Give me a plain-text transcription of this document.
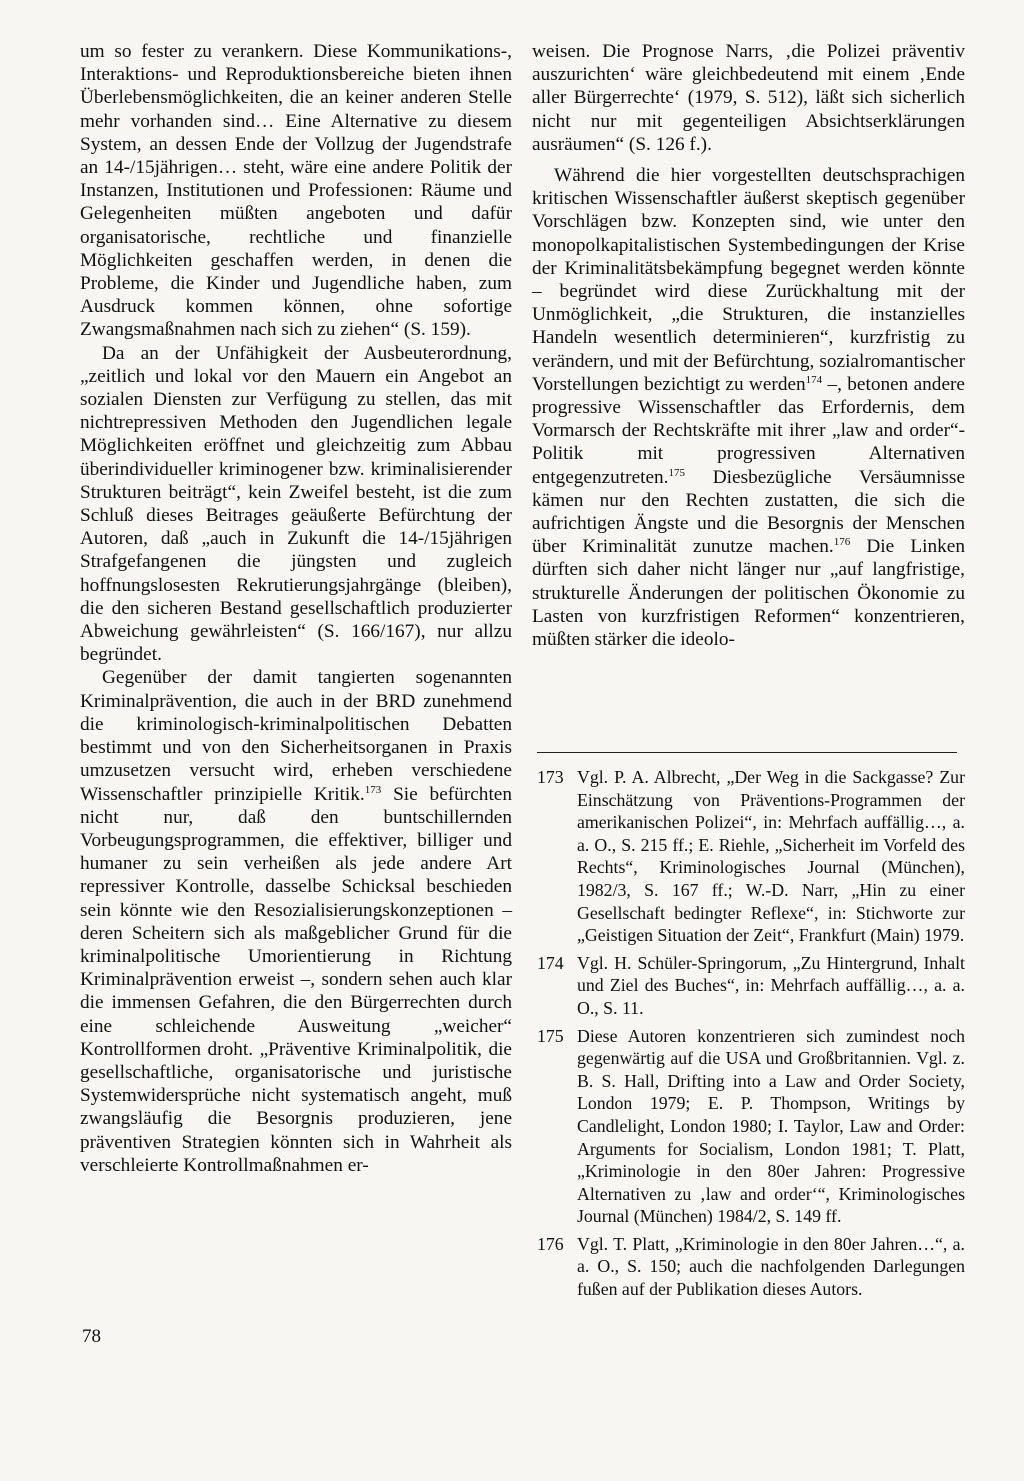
um so fester zu verankern. Diese Kommunikations-, Interaktions- und Reproduktionsbereiche bieten ihnen Überlebensmöglichkeiten, die an keiner anderen Stelle mehr vorhanden sind… Eine Alternative zu diesem System, an dessen Ende der Vollzug der Jugendstrafe an 14-/15jährigen… steht, wäre eine andere Politik der Instanzen, Institutionen und Professionen: Räume und Gelegenheiten müßten angeboten und dafür organisatorische, rechtliche und finanzielle Möglichkeiten geschaffen werden, in denen die Probleme, die Kinder und Jugendliche haben, zum Ausdruck kommen können, ohne sofortige Zwangsmaßnahmen nach sich zu ziehen“ (S. 159).

Da an der Unfähigkeit der Ausbeuterordnung, „zeitlich und lokal vor den Mauern ein Angebot an sozialen Diensten zur Verfügung zu stellen, das mit nichtrepressiven Methoden den Jugendlichen legale Möglichkeiten eröffnet und gleichzeitig zum Abbau überindividueller kriminogener bzw. kriminalisierender Strukturen beiträgt“, kein Zweifel besteht, ist die zum Schluß dieses Beitrages geäußerte Befürchtung der Autoren, daß „auch in Zukunft die 14-/15jährigen Strafgefangenen die jüngsten und zugleich hoffnungslosesten Rekrutierungsjahrgänge (bleiben), die den sicheren Bestand gesellschaftlich produzierter Abweichung gewährleisten“ (S. 166/167), nur allzu begründet.

Gegenüber der damit tangierten sogenannten Kriminalprävention, die auch in der BRD zunehmend die kriminologisch-kriminalpolitischen Debatten bestimmt und von den Sicherheitsorganen in Praxis umzusetzen versucht wird, erheben verschiedene Wissenschaftler prinzipielle Kritik.$^{173}$ Sie befürchten nicht nur, daß den buntschillernden Vorbeugungsprogrammen, die effektiver, billiger und humaner zu sein verheißen als jede andere Art repressiver Kontrolle, dasselbe Schicksal beschieden sein könnte wie den Resozialisierungskonzeptionen – deren Scheitern sich als maßgeblicher Grund für die kriminalpolitische Umorientierung in Richtung Kriminalprävention erweist –, sondern sehen auch klar die immensen Gefahren, die den Bürgerrechten durch eine schleichende Ausweitung „weicher“ Kontrollformen droht. „Präventive Kriminalpolitik, die gesellschaftliche, organisatorische und juristische Systemwidersprüche nicht systematisch angeht, muß zwangsläufig die Besorgnis produzieren, jene präventiven Strategien könnten sich in Wahrheit als verschleierte Kontrollmaßnahmen er-

weisen. Die Prognose Narrs, ‚die Polizei präventiv auszurichten‘ wäre gleichbedeutend mit einem ‚Ende aller Bürgerrechte‘ (1979, S. 512), läßt sich sicherlich nicht nur mit gegenteiligen Absichtserklärungen ausräumen“ (S. 126 f.).

Während die hier vorgestellten deutschsprachigen kritischen Wissenschaftler äußerst skeptisch gegenüber Vorschlägen bzw. Konzepten sind, wie unter den monopolkapitalistischen Systembedingungen der Krise der Kriminalitätsbekämpfung begegnet werden könnte – begründet wird diese Zurückhaltung mit der Unmöglichkeit, „die Strukturen, die instanzielles Handeln wesentlich determinieren“, kurzfristig zu verändern, und mit der Befürchtung, sozialromantischer Vorstellungen bezichtigt zu werden$^{174}$ –, betonen andere progressive Wissenschaftler das Erfordernis, dem Vormarsch der Rechtskräfte mit ihrer „law and order“-Politik mit progressiven Alternativen entgegenzutreten.$^{175}$ Diesbezügliche Versäumnisse kämen nur den Rechten zustatten, die sich die aufrichtigen Ängste und die Besorgnis der Menschen über Kriminalität zunutze machen.$^{176}$ Die Linken dürften sich daher nicht länger nur „auf langfristige, strukturelle Änderungen der politischen Ökonomie zu Lasten von kurzfristigen Reformen“ konzentrieren, müßten stärker die ideolo-

173 Vgl. P. A. Albrecht, „Der Weg in die Sackgasse? Zur Einschätzung von Präventions-Programmen der amerikanischen Polizei“, in: Mehrfach auffällig…, a. a. O., S. 215 ff.; E. Riehle, „Sicherheit im Vorfeld des Rechts“, Kriminologisches Journal (München), 1982/3, S. 167 ff.; W.-D. Narr, „Hin zu einer Gesellschaft bedingter Reflexe“, in: Stichworte zur „Geistigen Situation der Zeit“, Frankfurt (Main) 1979.
174 Vgl. H. Schüler-Springorum, „Zu Hintergrund, Inhalt und Ziel des Buches“, in: Mehrfach auffällig…, a. a. O., S. 11.
175 Diese Autoren konzentrieren sich zumindest noch gegenwärtig auf die USA und Großbritannien. Vgl. z. B. S. Hall, Drifting into a Law and Order Society, London 1979; E. P. Thompson, Writings by Candlelight, London 1980; I. Taylor, Law and Order: Arguments for Socialism, London 1981; T. Platt, „Kriminologie in den 80er Jahren: Progressive Alternativen zu ‚law and order‘“, Kriminologisches Journal (München) 1984/2, S. 149 ff.
176 Vgl. T. Platt, „Kriminologie in den 80er Jahren…“, a. a. O., S. 150; auch die nachfolgenden Darlegungen fußen auf der Publikation dieses Autors.
78
